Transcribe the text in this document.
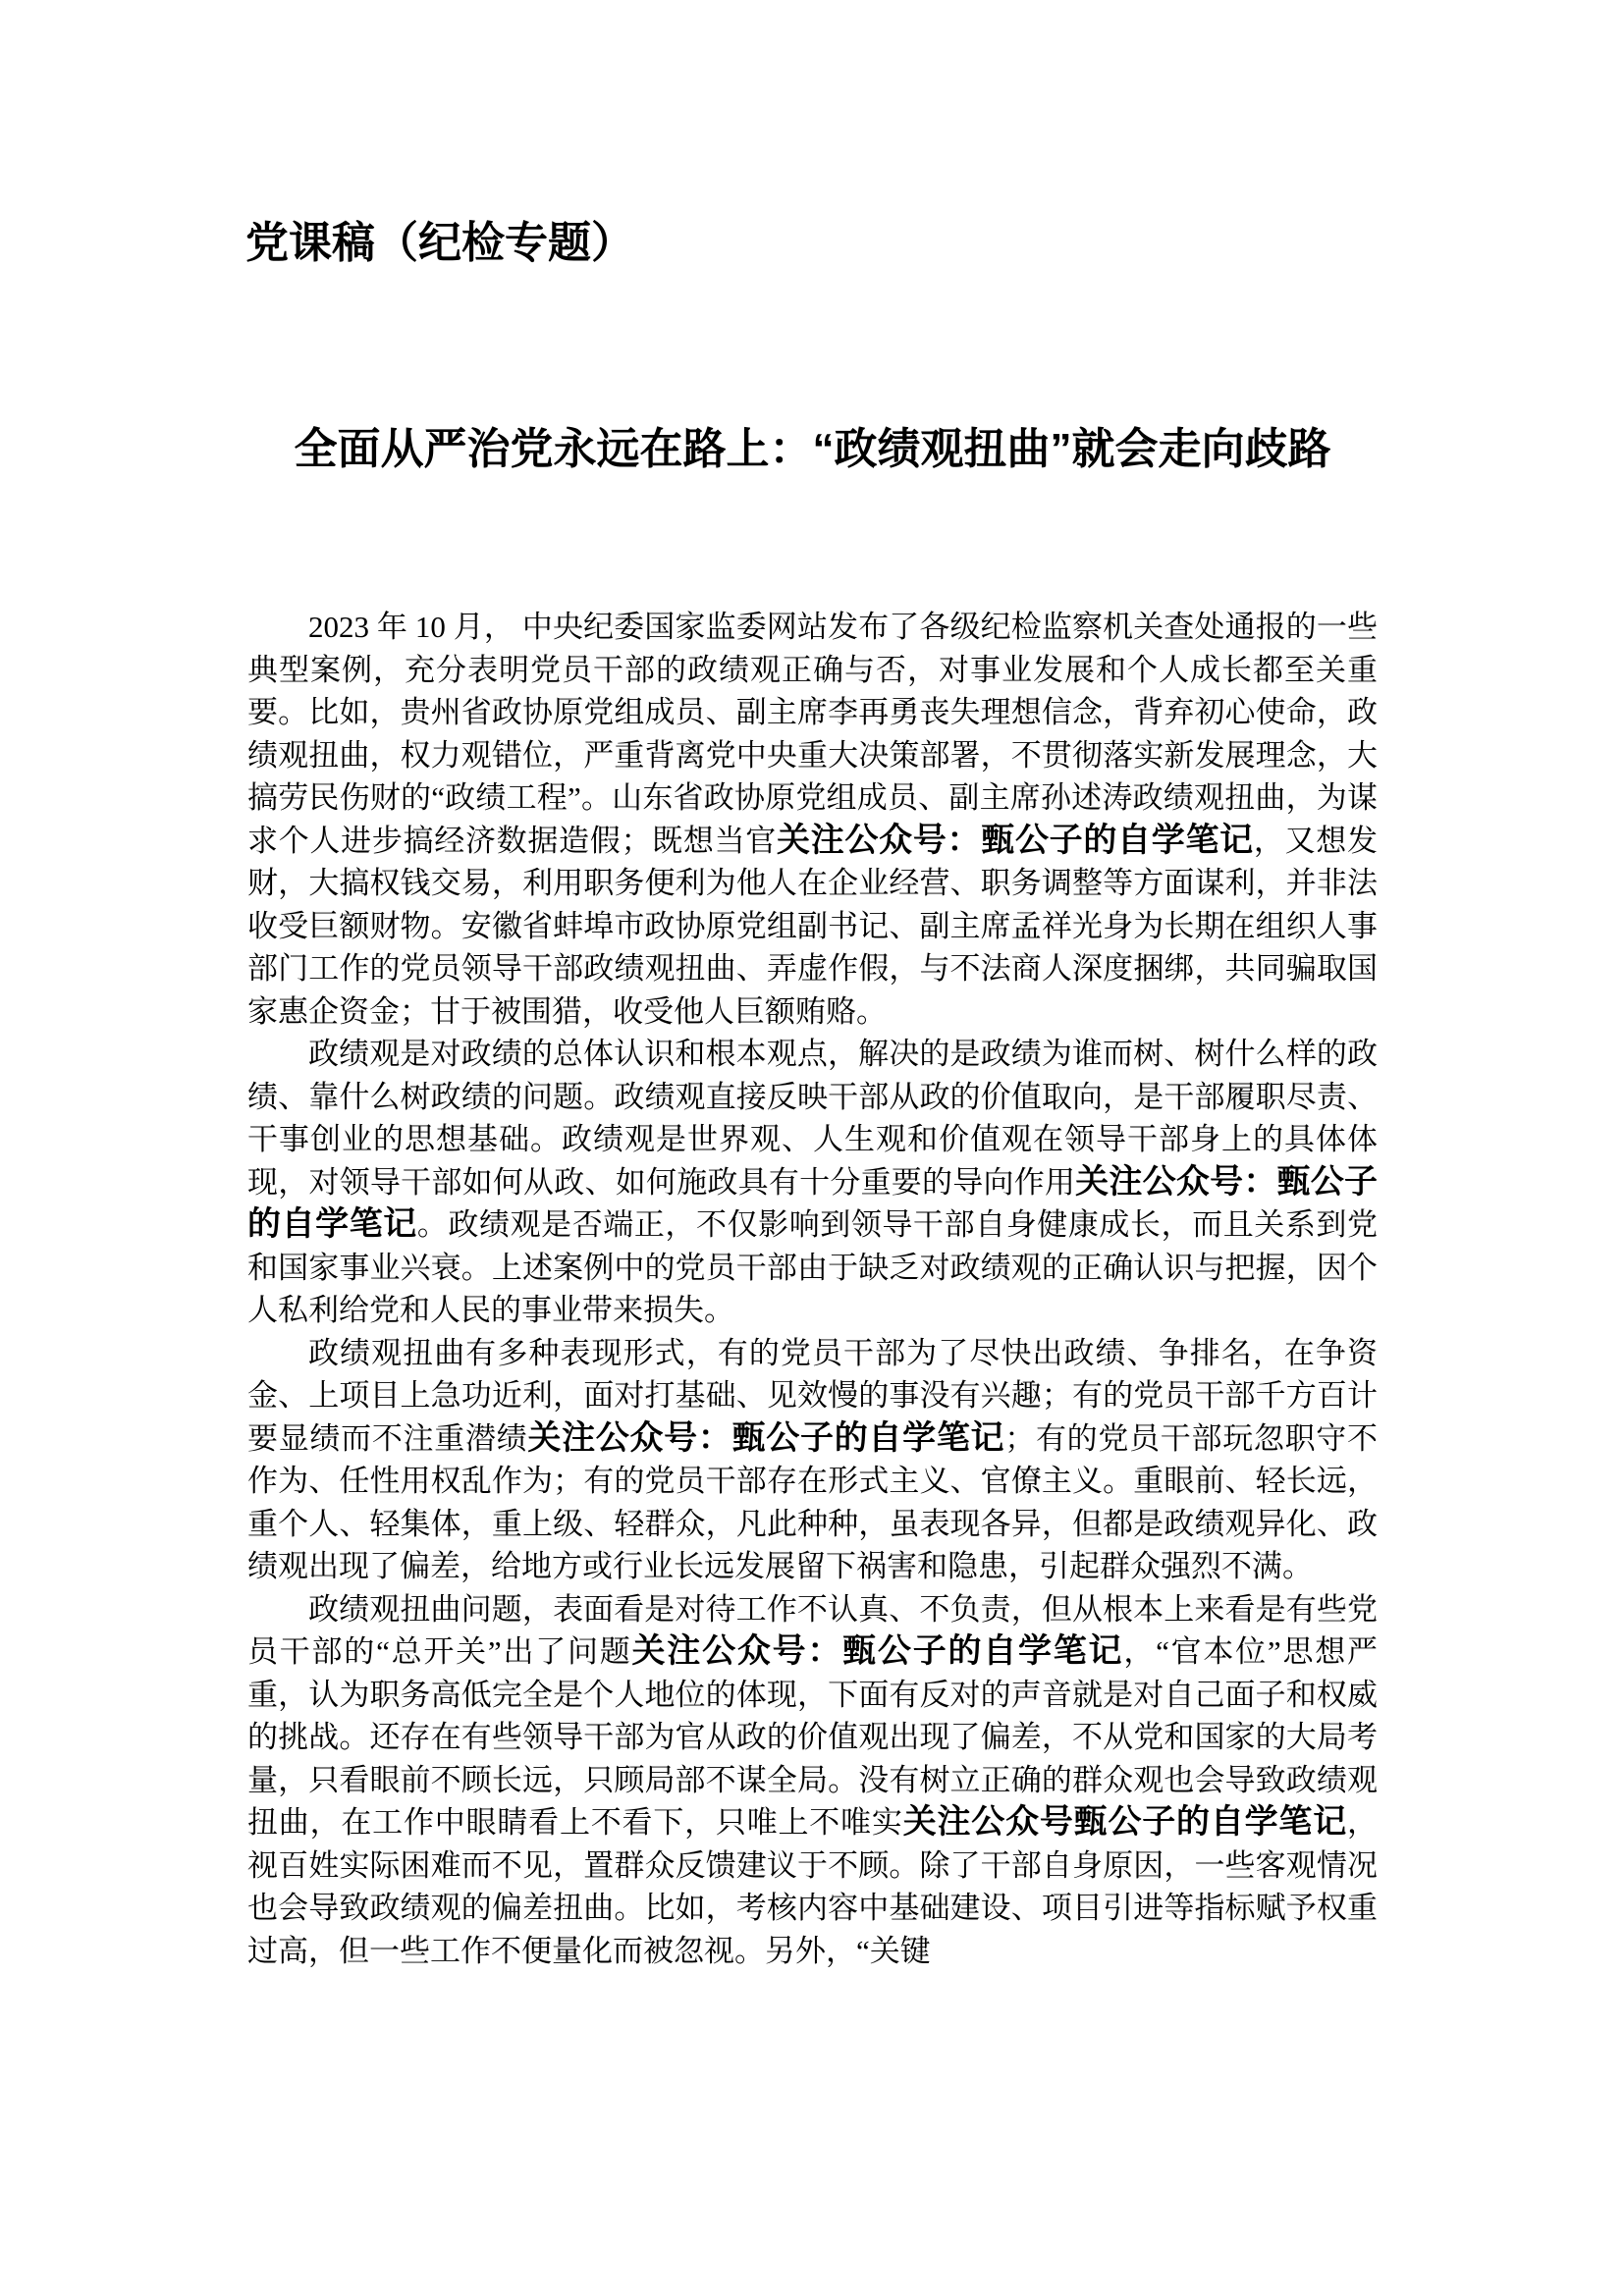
党课稿（纪检专题）
全面从严治党永远在路上：“政绩观扭曲”就会走向歧路

2023 年 10 月， 中央纪委国家监委网站发布了各级纪检监察机关查处通报的一些典型案例，充分表明党员干部的政绩观正确与否，对事业发展和个人成长都至关重要。比如，贵州省政协原党组成员、副主席李再勇丧失理想信念，背弃初心使命，政绩观扭曲，权力观错位，严重背离党中央重大决策部署，不贯彻落实新发展理念，大搞劳民伤财的“政绩工程”。山东省政协原党组成员、副主席孙述涛政绩观扭曲，为谋求个人进步搞经济数据造假；既想当官关注公众号：甄公子的自学笔记，又想发财，大搞权钱交易，利用职务便利为他人在企业经营、职务调整等方面谋利，并非法收受巨额财物。安徽省蚌埠市政协原党组副书记、副主席孟祥光身为长期在组织人事部门工作的党员领导干部政绩观扭曲、弄虚作假，与不法商人深度捆绑，共同骗取国家惠企资金；甘于被围猎，收受他人巨额贿赂。

政绩观是对政绩的总体认识和根本观点，解决的是政绩为谁而树、树什么样的政绩、靠什么树政绩的问题。政绩观直接反映干部从政的价值取向，是干部履职尽责、干事创业的思想基础。政绩观是世界观、人生观和价值观在领导干部身上的具体体现，对领导干部如何从政、如何施政具有十分重要的导向作用关注公众号：甄公子的自学笔记。政绩观是否端正，不仅影响到领导干部自身健康成长，而且关系到党和国家事业兴衰。上述案例中的党员干部由于缺乏对政绩观的正确认识与把握，因个人私利给党和人民的事业带来损失。

政绩观扭曲有多种表现形式，有的党员干部为了尽快出政绩、争排名，在争资金、上项目上急功近利，面对打基础、见效慢的事没有兴趣；有的党员干部千方百计要显绩而不注重潜绩关注公众号：甄公子的自学笔记；有的党员干部玩忽职守不作为、任性用权乱作为；有的党员干部存在形式主义、官僚主义。重眼前、轻长远，重个人、轻集体，重上级、轻群众，凡此种种，虽表现各异，但都是政绩观异化、政绩观出现了偏差，给地方或行业长远发展留下祸害和隐患，引起群众强烈不满。

政绩观扭曲问题，表面看是对待工作不认真、不负责，但从根本上来看是有些党员干部的“总开关”出了问题关注公众号：甄公子的自学笔记，“官本位”思想严重，认为职务高低完全是个人地位的体现，下面有反对的声音就是对自己面子和权威的挑战。还存在有些领导干部为官从政的价值观出现了偏差，不从党和国家的大局考量，只看眼前不顾长远，只顾局部不谋全局。没有树立正确的群众观也会导致政绩观扭曲，在工作中眼睛看上不看下，只唯上不唯实关注公众号甄公子的自学笔记，视百姓实际困难而不见，置群众反馈建议于不顾。除了干部自身原因，一些客观情况也会导致政绩观的偏差扭曲。比如，考核内容中基础建设、项目引进等指标赋予权重过高，但一些工作不便量化而被忽视。另外，“关键
